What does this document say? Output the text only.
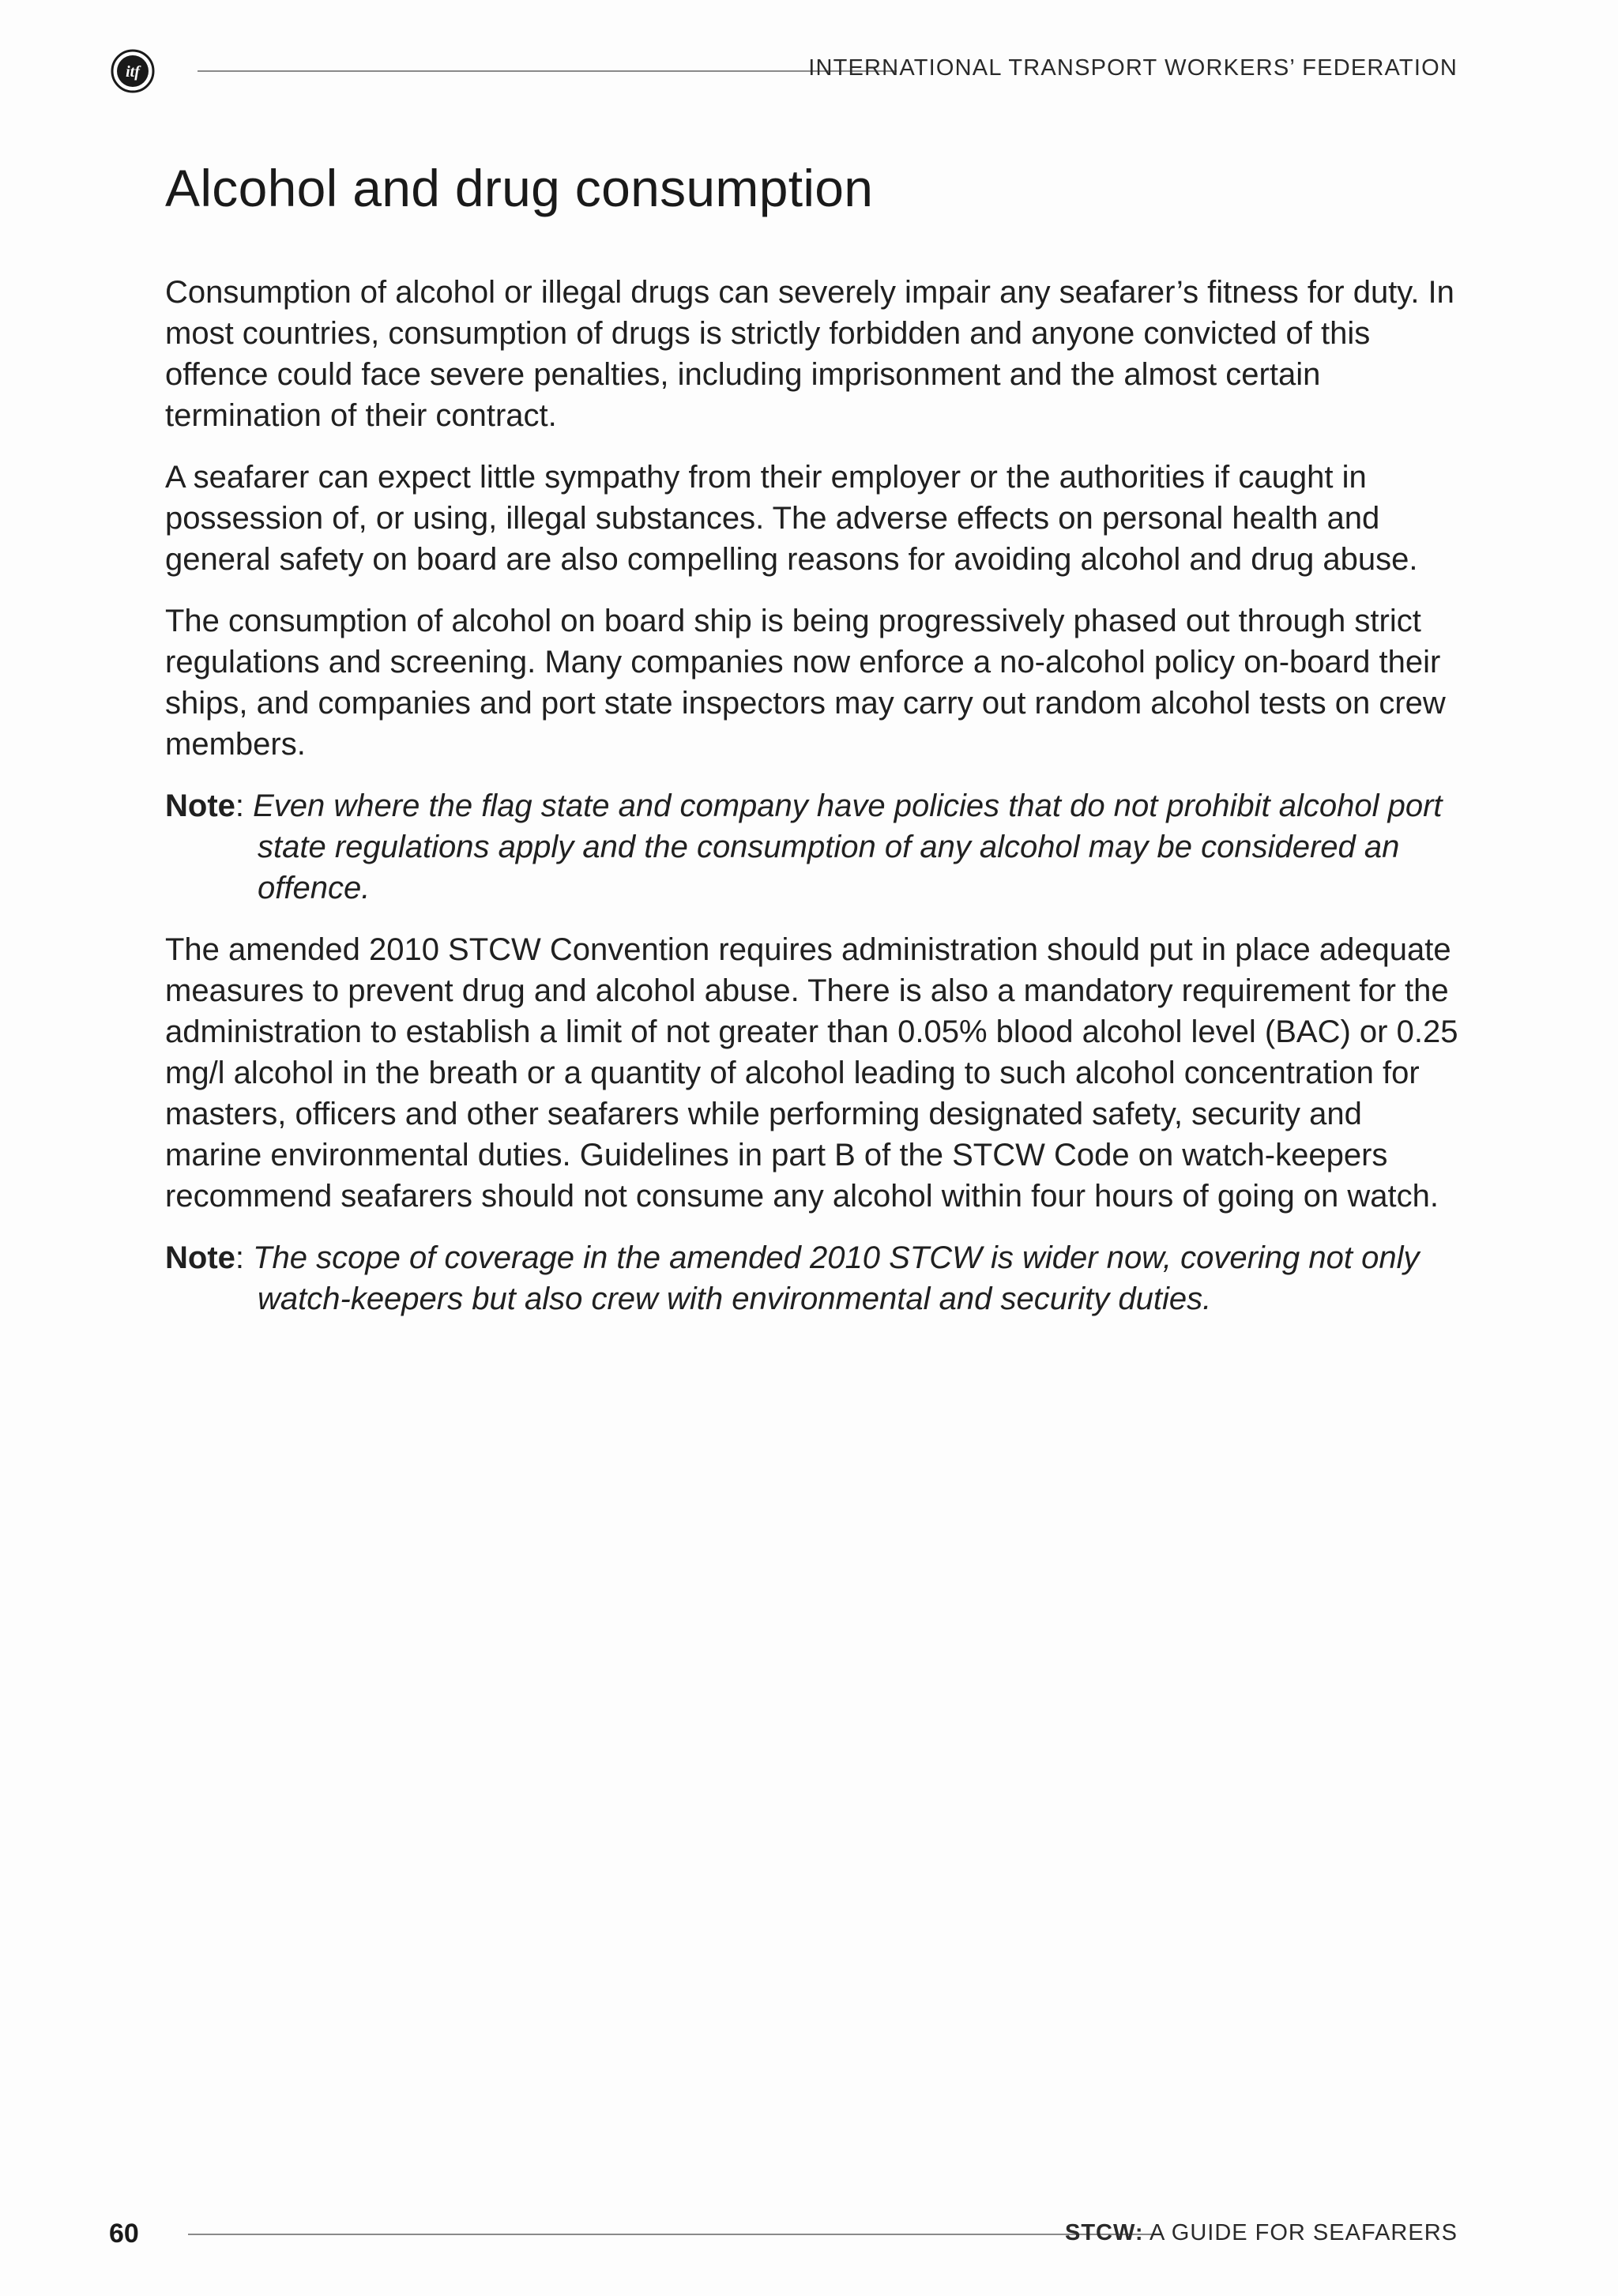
itf	INTERNATIONAL TRANSPORT WORKERS’ FEDERATION
Alcohol and drug consumption

Consumption of alcohol or illegal drugs can severely impair any seafarer’s fitness for duty. In most countries, consumption of drugs is strictly forbidden and anyone convicted of this offence could face severe penalties, including imprisonment and the almost certain termination of their contract.

A seafarer can expect little sympathy from their employer or the authorities if caught in possession of, or using, illegal substances. The adverse effects on personal health and general safety on board are also compelling reasons for avoiding alcohol and drug abuse.

The consumption of alcohol on board ship is being progressively phased out through strict regulations and screening. Many companies now enforce a no-alcohol policy on-board their ships, and companies and port state inspectors may carry out random alcohol tests on crew members.

Note: Even where the flag state and company have policies that do not prohibit alcohol port state regulations apply and the consumption of any alcohol may be considered an offence.

The amended 2010 STCW Convention requires administration should put in place adequate measures to prevent drug and alcohol abuse. There is also a mandatory requirement for the administration to establish a limit of not greater than 0.05% blood alcohol level (BAC) or 0.25 mg/l alcohol in the breath or a quantity of alcohol leading to such alcohol concentration for masters, officers and other seafarers while performing designated safety, security and marine environmental duties. Guidelines in part B of the STCW Code on watch-keepers recommend seafarers should not consume any alcohol within four hours of going on watch.

Note: The scope of coverage in the amended 2010 STCW is wider now, covering not only watch-keepers but also crew with environmental and security duties.

60	STCW: A GUIDE FOR SEAFARERS
